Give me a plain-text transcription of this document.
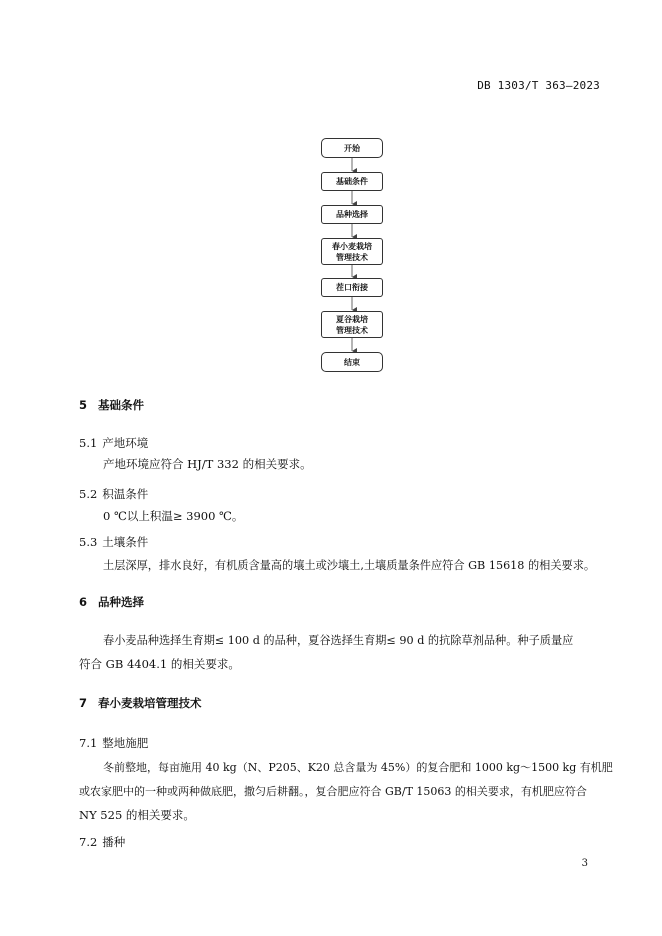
DB 1303/T 363—2023
开始
基础条件
品种选择
春小麦栽培
管理技术
茬口衔接
夏谷栽培
管理技术
结束
5 基础条件
5.1 产地环境
产地环境应符合 HJ/T 332 的相关要求。
5.2 积温条件
0 ℃以上积温≥ 3900 ℃。
5.3 土壤条件
土层深厚，排水良好，有机质含量高的壤土或沙壤土,土壤质量条件应符合 GB 15618 的相关要求。
6 品种选择
春小麦品种选择生育期≤ 100 d 的品种，夏谷选择生育期≤ 90 d 的抗除草剂品种。种子质量应
符合 GB 4404.1 的相关要求。
7 春小麦栽培管理技术
7.1 整地施肥
冬前整地，每亩施用 40 kg（N、P205、K20 总含量为 45%）的复合肥和 1000 kg～1500 kg 有机肥
或农家肥中的一种或两种做底肥，撒匀后耕翻。，复合肥应符合 GB/T 15063 的相关要求，有机肥应符合
NY 525 的相关要求。
7.2 播种
3
